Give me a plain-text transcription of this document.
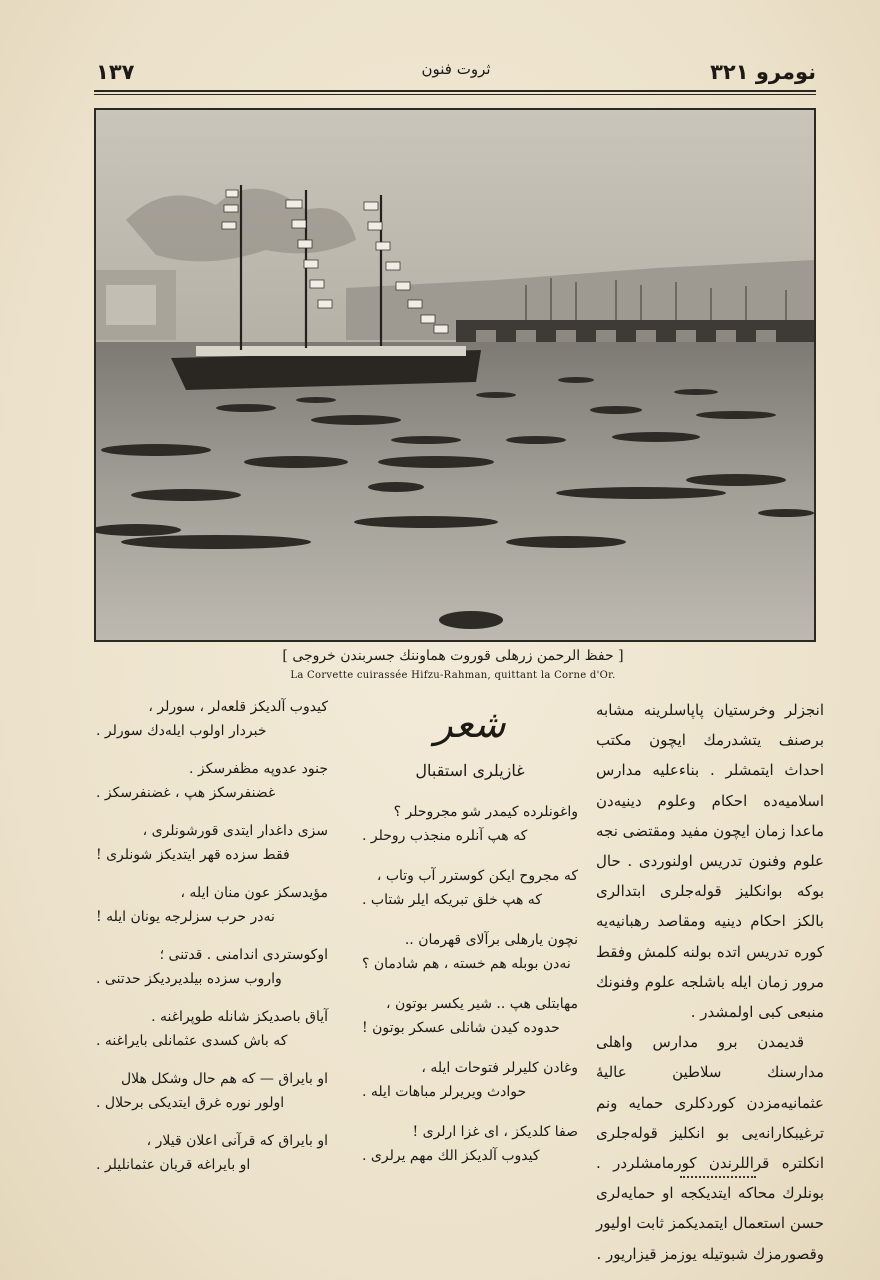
نومرو ٣٢١
ثروت فنون
١٣٧
[ حفظ الرحمن زرهلی قوروت هماوننك جسربندن خروجی ]
La Corvette cuirassée Hifzu-Rahman, quittant la Corne d'Or.

انجزلر وخرستیان پاپاسلرینه مشابه برصنف یتشدرمك ایچون مكتب احداث ایتمشلر . بناءعلیه مدارس اسلامیه‌ده احكام وعلوم دینیه‌دن ماعدا زمان ایچون مفید ومقتضی نجه علوم وفنون تدریس اولنوردی . حال بوكه بوانكلیز قوله‌جلری ابتدالری بالكز احكام دینیه ومقاصد رهبانیه‌یه كوره تدریس اتده بولنه كلمش وفقط مرور زمان ایله باشلجه علوم وفنونك منبعی كبی اولمشدر .

قدیمدن برو مدارس واهلی مدارسنك سلاطین عالیهٔ عثمانیه‌مزدن كوردكلری حمایه ونم ترغیبكارانه‌یی بو انكلیز قوله‌جلری انكلتره قراللرندن كورمامشلردر . بونلرك محاكه ایتدیكجه او حمایه‌لری حسن استعمال ایتمدیكمز ثابت اولیور وقصورمزك شبوتیله یوزمز قیزاریور .

شعر
غازیلری استقبال
واغونلرده كیمدر شو مجروحلر ؟
كه هپ آنلره منجذب روحلر .
كه مجروح ایكن كوسترر آب وتاب ،
كه هپ خلق تبریكه ایلر شتاب .
نچون یارهلی برآلای قهرمان ..
نه‌دن بوبله هم خسته ، هم شادمان ؟
مهابتلی هپ .. شیر یكسر بوتون ،
حدوده كیدن شانلی عسكر بوتون !
وغادن كلیرلر فتوحات ایله ،
حوادث ویریرلر مباهات ایله .
صفا كلدیكز ، ای غزا ارلری !
كیدوب آلدیكز الك مهم یرلری .
كیدوب آلدیكز قلعه‌لر ، سورلر ،
خبردار اولوب ایله‌دك سورلر .
جنود عدوپه مظفرسكز .
غضنفرسكز هپ ، غضنفرسكز .
سزی داغدار ایتدی قورشونلری ،
فقط سزده قهر ایتدیكز شونلری !
مؤیدسكز عون منان ایله ،
نه‌در حرب سزلرجه یونان ایله !
اوكوستردی اندامنی . قدتنی ؛
واروب سزده بیلدیردیكز حدتنی .
آیاق باصدیكز شانله طوپراغنه .
كه باش كسدی عثمانلی بایراغنه .
او بایراق — كه هم حال وشكل هلال
اولور نوره غرق ایتدیكی برحلال .
او بایراق كه قرآنی اعلان قیلار ،
او بایراغه قربان عثمانلیلر .
